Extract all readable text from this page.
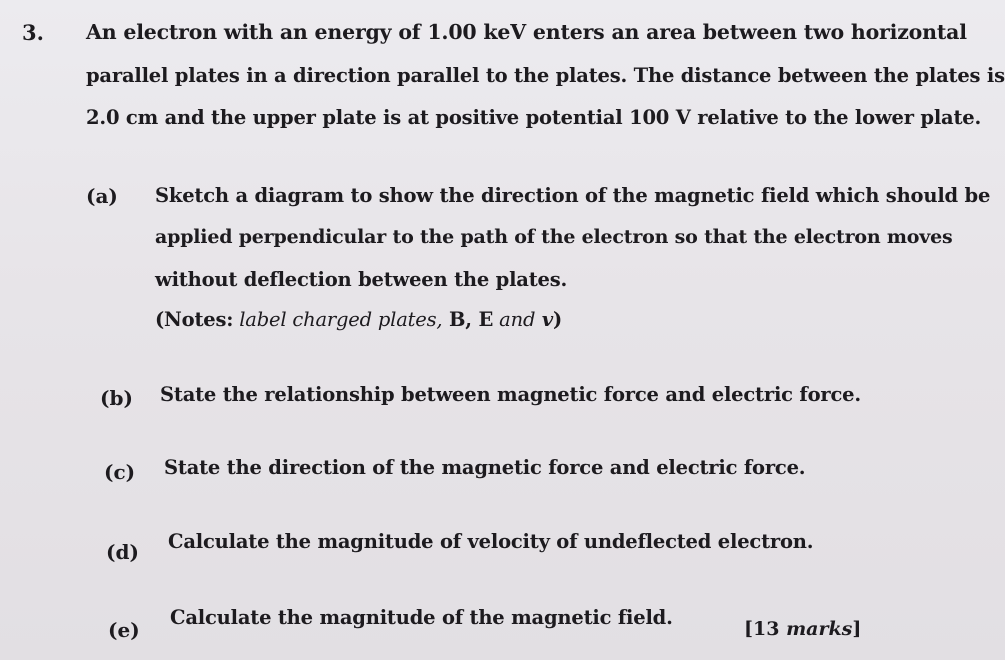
3. An electron with an energy of 1.00 keV enters an area between two horizontal
parallel plates in a direction parallel to the plates. The distance between the plates is
2.0 cm and the upper plate is at positive potential 100 V relative to the lower plate.
(a) Sketch a diagram to show the direction of the magnetic field which should be
applied perpendicular to the path of the electron so that the electron moves
without deflection between the plates.
(Notes: label charged plates, B, E and v)
(b) State the relationship between magnetic force and electric force.
(c) State the direction of the magnetic force and electric force.
(d) Calculate the magnitude of velocity of undeflected electron.
(e)
Calculate the magnitude of the magnetic field.	[13 marks]
